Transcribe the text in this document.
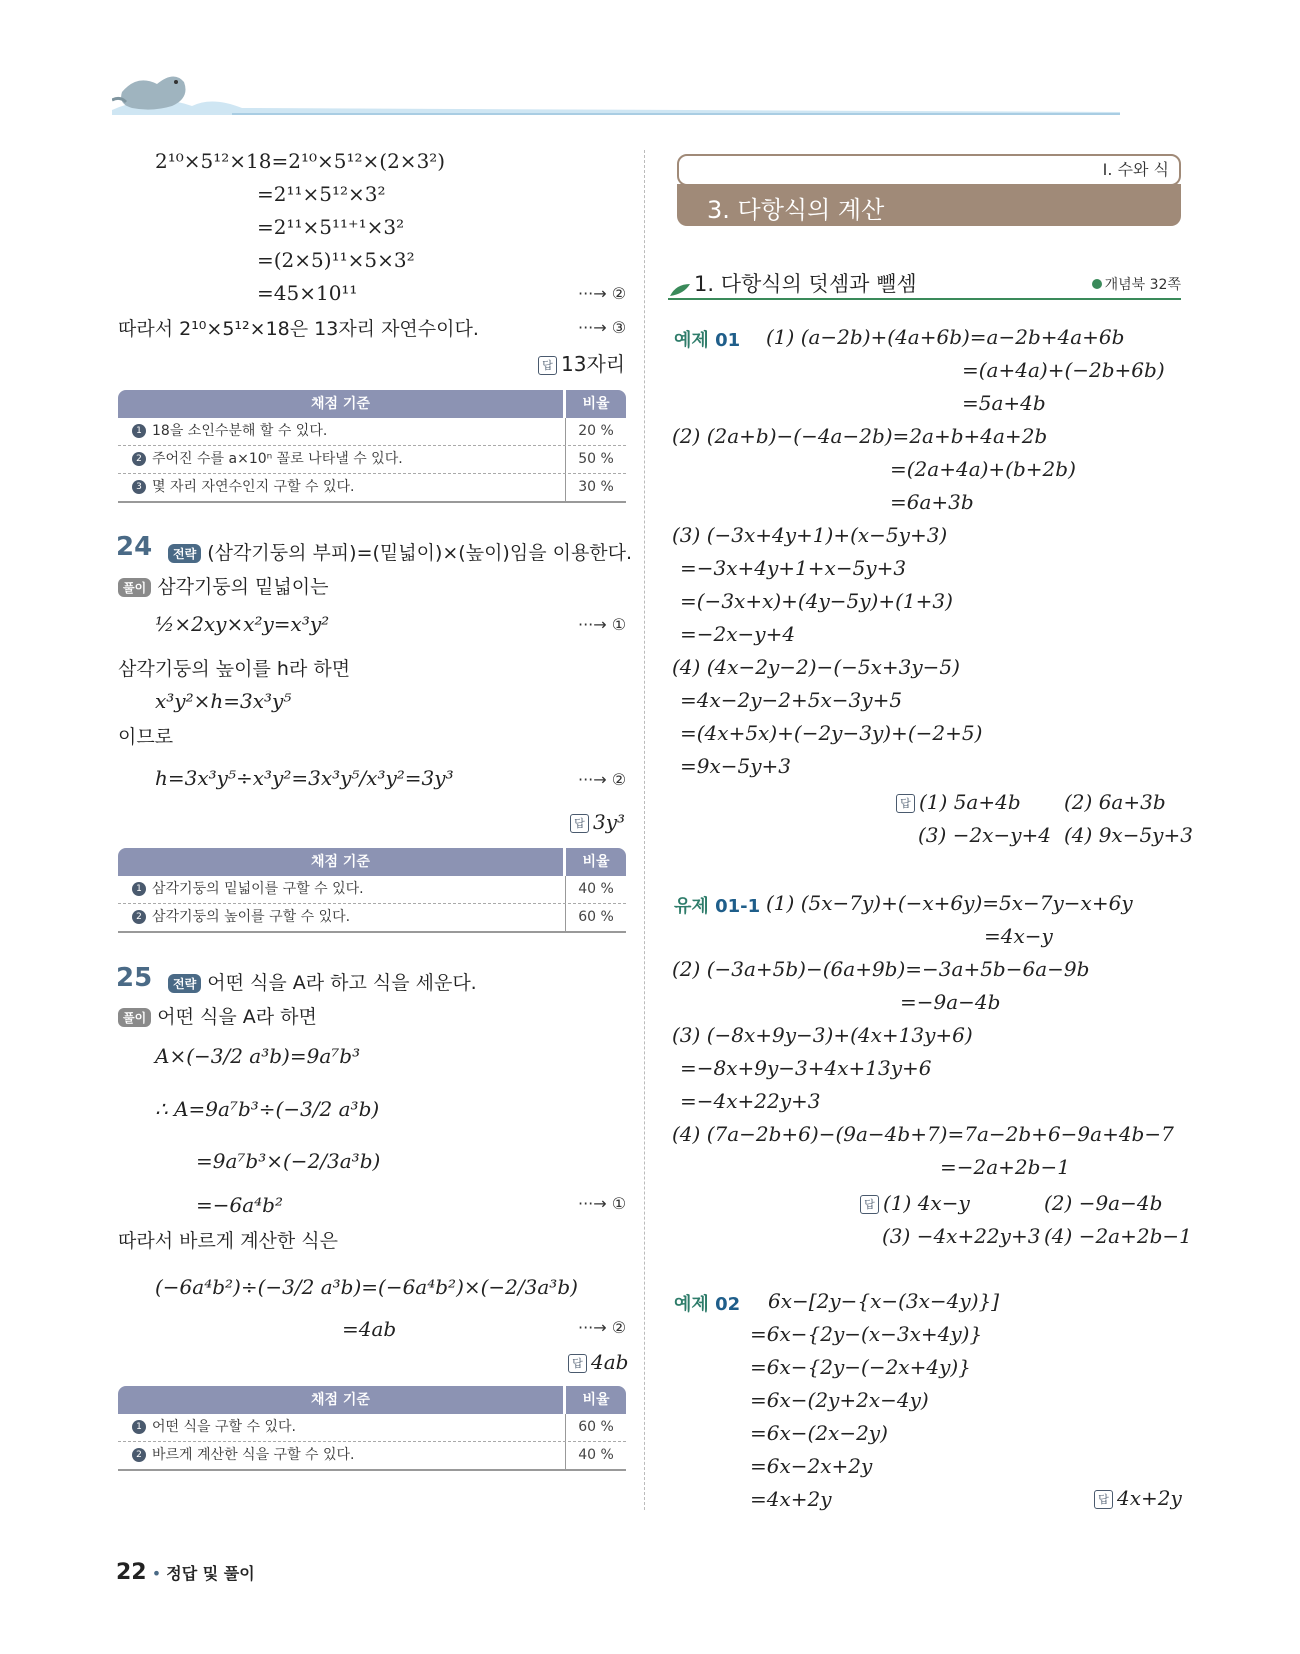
2¹⁰×5¹²×18=2¹⁰×5¹²×(2×3²)
=2¹¹×5¹²×3²
=2¹¹×5¹¹⁺¹×3²
=(2×5)¹¹×5×3²
=45×10¹¹	···→ ②
따라서 2¹⁰×5¹²×18은 13자리 자연수이다.	···→ ③
답 13자리
채점 기준	비율
1 18을 소인수분해 할 수 있다.	20 %
2 주어진 수를 a×10ⁿ 꼴로 나타낼 수 있다.	50 %
3 몇 자리 자연수인지 구할 수 있다.	30 %
24	전략 (삼각기둥의 부피)=(밑넓이)×(높이)임을 이용한다.
풀이 삼각기둥의 밑넓이는
½×2xy×x²y=x³y²	···→ ①
삼각기둥의 높이를 h라 하면
x³y²×h=3x³y⁵
이므로
h=3x³y⁵÷x³y²=3x³y⁵/x³y²=3y³	···→ ②
답 3y³
채점 기준	비율
1 삼각기둥의 밑넓이를 구할 수 있다.	40 %
2 삼각기둥의 높이를 구할 수 있다.	60 %
25	전략 어떤 식을 A라 하고 식을 세운다.
풀이 어떤 식을 A라 하면
A×(−3/2 a³b)=9a⁷b³
∴ A=9a⁷b³÷(−3/2 a³b)
=9a⁷b³×(−2/3a³b)
=−6a⁴b²	···→ ①
따라서 바르게 계산한 식은
(−6a⁴b²)÷(−3/2 a³b)=(−6a⁴b²)×(−2/3a³b)
=4ab	···→ ②
답 4ab
채점 기준	비율
1 어떤 식을 구할 수 있다.	60 %
2 바르게 계산한 식을 구할 수 있다.	40 %
Ⅰ. 수와 식
3. 다항식의 계산
1. 다항식의 덧셈과 뺄셈	개념북 32쪽
예제 01 (1) (a−2b)+(4a+6b)=a−2b+4a+6b
=(a+4a)+(−2b+6b)
=5a+4b
(2) (2a+b)−(−4a−2b)=2a+b+4a+2b
=(2a+4a)+(b+2b)
=6a+3b
(3) (−3x+4y+1)+(x−5y+3)
=−3x+4y+1+x−5y+3
=(−3x+x)+(4y−5y)+(1+3)
=−2x−y+4
(4) (4x−2y−2)−(−5x+3y−5)
=4x−2y−2+5x−3y+5
=(4x+5x)+(−2y−3y)+(−2+5)
=9x−5y+3
답 (1) 5a+4b (2) 6a+3b
(3) −2x−y+4 (4) 9x−5y+3
유제 01-1 (1) (5x−7y)+(−x+6y)=5x−7y−x+6y
=4x−y
(2) (−3a+5b)−(6a+9b)=−3a+5b−6a−9b
=−9a−4b
(3) (−8x+9y−3)+(4x+13y+6)
=−8x+9y−3+4x+13y+6
=−4x+22y+3
(4) (7a−2b+6)−(9a−4b+7)=7a−2b+6−9a+4b−7
=−2a+2b−1
답 (1) 4x−y	(2) −9a−4b
(3) −4x+22y+3 (4) −2a+2b−1
예제 02 6x−[2y−{x−(3x−4y)}]
=6x−{2y−(x−3x+4y)}
=6x−{2y−(−2x+4y)}
=6x−(2y+2x−4y)
=6x−(2x−2y)
=6x−2x+2y
=4x+2y	답 4x+2y
22 • 정답 및 풀이
